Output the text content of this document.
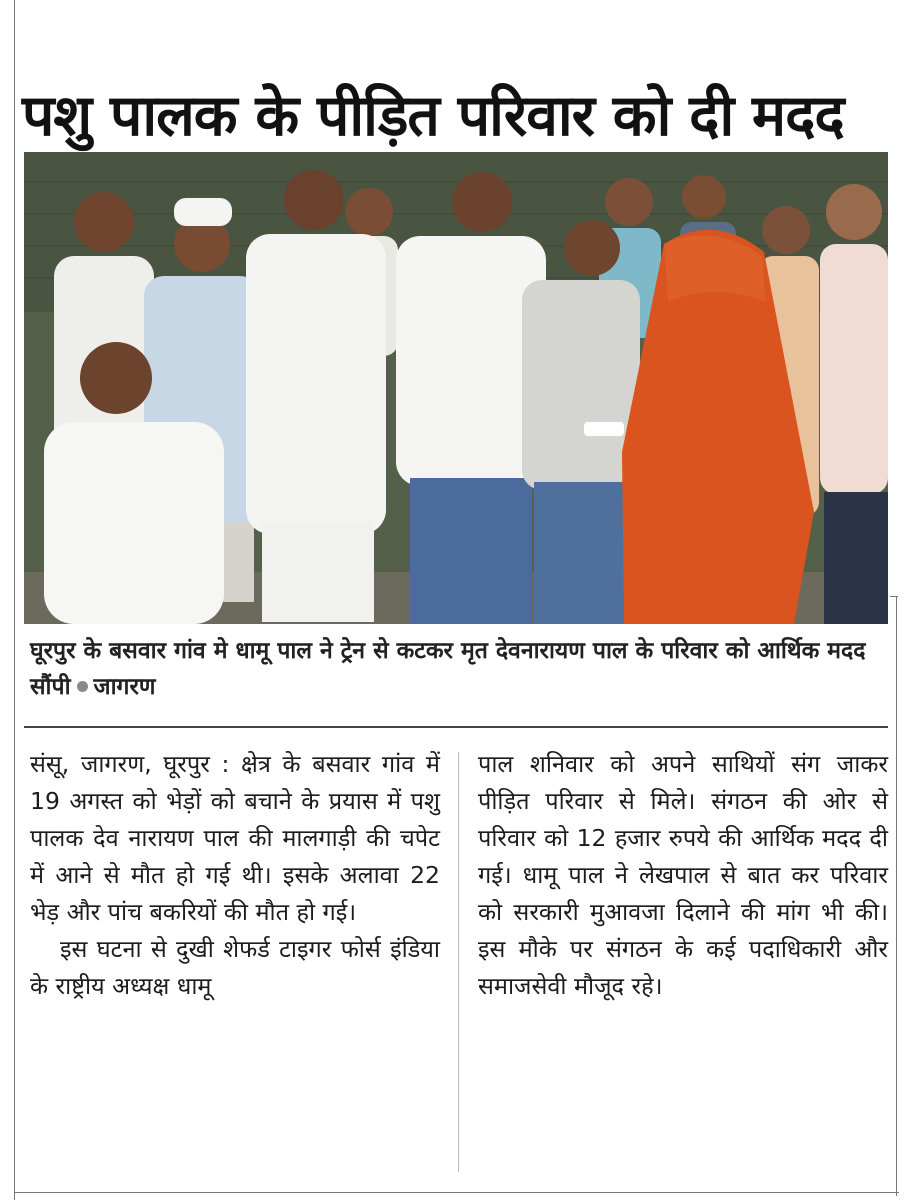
पशु पालक के पीड़ित परिवार को दी मदद
घूरपुर के बसवार गांव मे धामू पाल ने ट्रेन से कटकर मृत देवनारायण पाल के परिवार को आर्थिक मदद सौंपी जागरण

संसू, जागरण, घूरपुर : क्षेत्र के बसवार गांव में 19 अगस्त को भेड़ों को बचाने के प्रयास में पशु पालक देव नारायण पाल की मालगाड़ी की चपेट में आने से मौत हो गई थी। इसके अलावा 22 भेड़ और पांच बकरियों की मौत हो गई।

इस घटना से दुखी शेफर्ड टाइगर फोर्स इंडिया के राष्ट्रीय अध्यक्ष धामू

पाल शनिवार को अपने साथियों संग जाकर पीड़ित परिवार से मिले। संगठन की ओर से परिवार को 12 हजार रुपये की आर्थिक मदद दी गई। धामू पाल ने लेखपाल से बात कर परिवार को सरकारी मुआवजा दिलाने की मांग भी की। इस मौके पर संगठन के कई पदाधिकारी और समाजसेवी मौजूद रहे।
